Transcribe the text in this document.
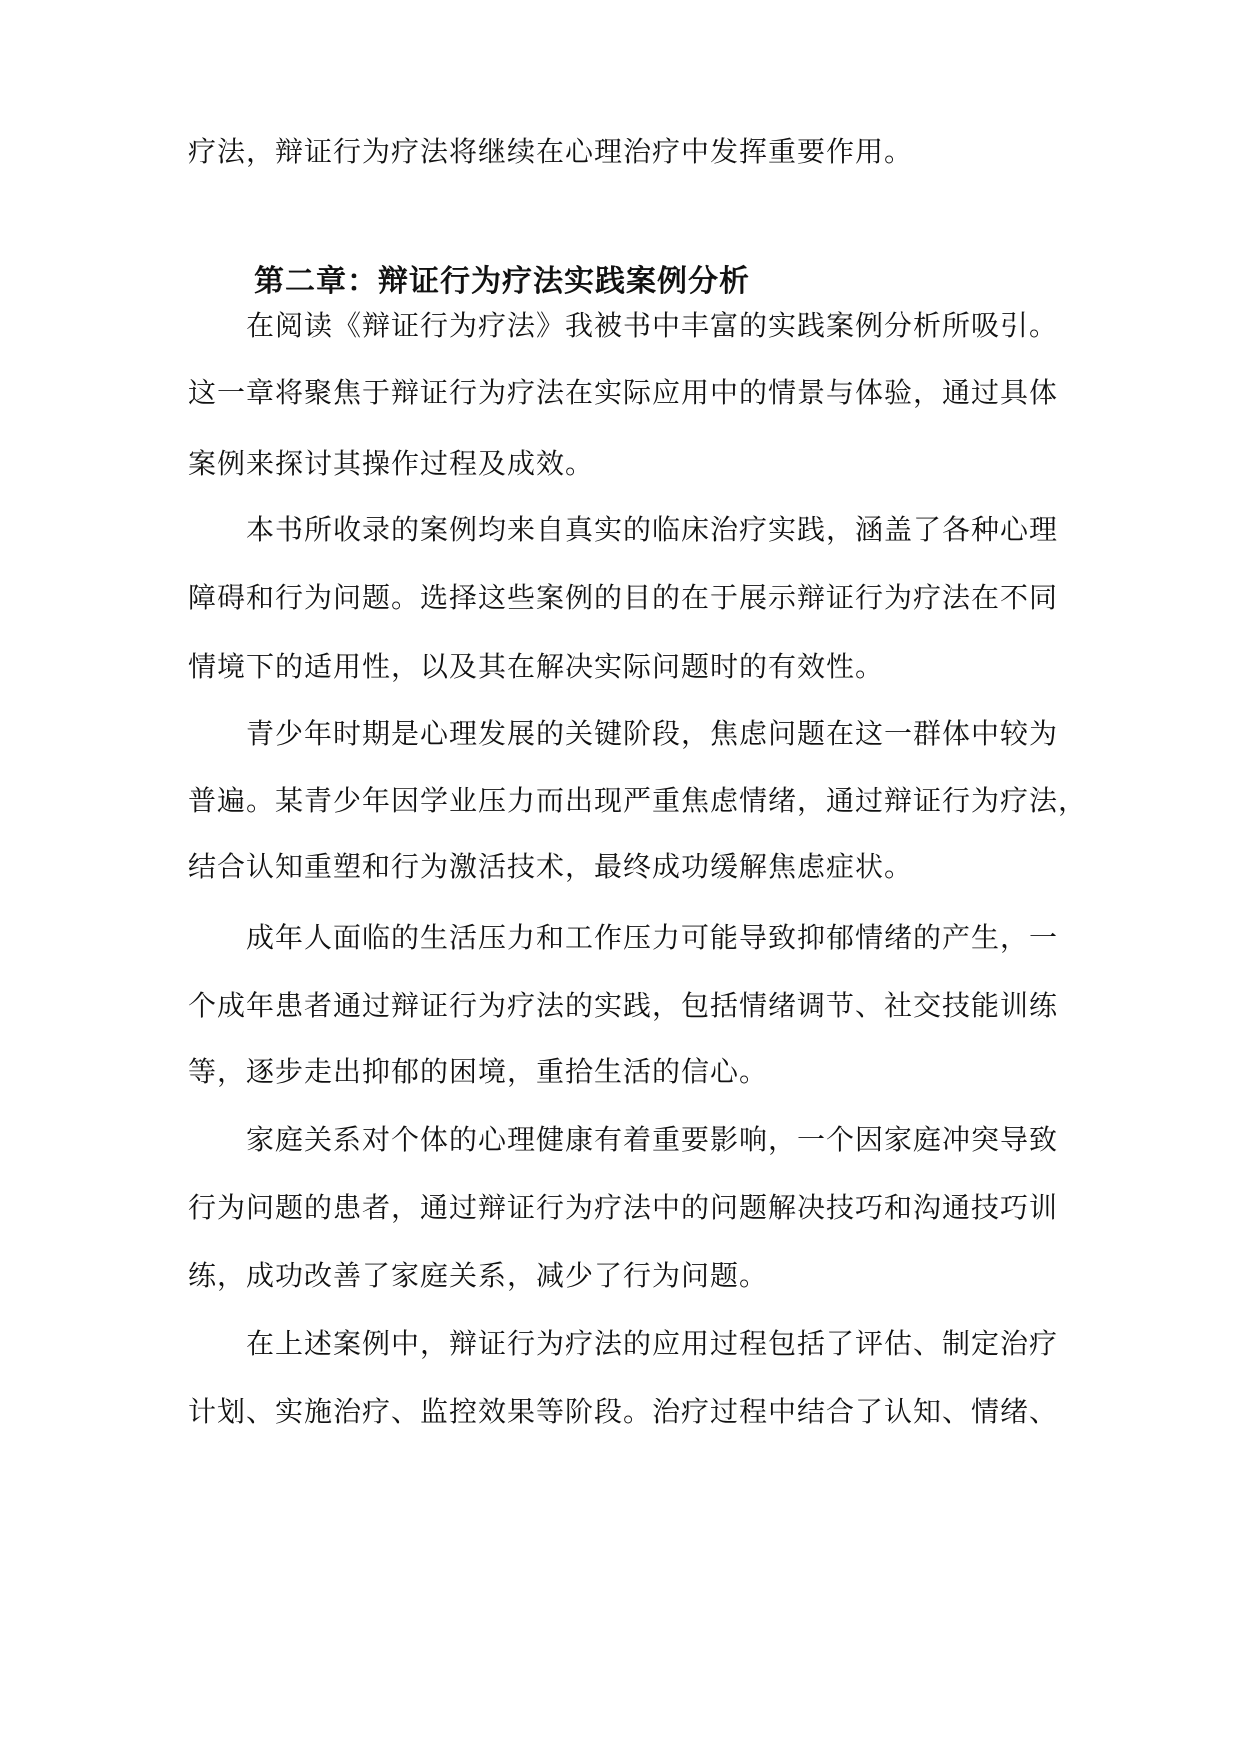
疗法，辩证行为疗法将继续在心理治疗中发挥重要作用。
第二章：辩证行为疗法实践案例分析
在阅读《辩证行为疗法》我被书中丰富的实践案例分析所吸引。
这一章将聚焦于辩证行为疗法在实际应用中的情景与体验，通过具体
案例来探讨其操作过程及成效。
本书所收录的案例均来自真实的临床治疗实践，涵盖了各种心理
障碍和行为问题。选择这些案例的目的在于展示辩证行为疗法在不同
情境下的适用性，以及其在解决实际问题时的有效性。
青少年时期是心理发展的关键阶段，焦虑问题在这一群体中较为
普遍。某青少年因学业压力而出现严重焦虑情绪，通过辩证行为疗法，
结合认知重塑和行为激活技术，最终成功缓解焦虑症状。
成年人面临的生活压力和工作压力可能导致抑郁情绪的产生，一
个成年患者通过辩证行为疗法的实践，包括情绪调节、社交技能训练
等，逐步走出抑郁的困境，重拾生活的信心。
家庭关系对个体的心理健康有着重要影响，一个因家庭冲突导致
行为问题的患者，通过辩证行为疗法中的问题解决技巧和沟通技巧训
练，成功改善了家庭关系，减少了行为问题。
在上述案例中，辩证行为疗法的应用过程包括了评估、制定治疗
计划、实施治疗、监控效果等阶段。治疗过程中结合了认知、情绪、
